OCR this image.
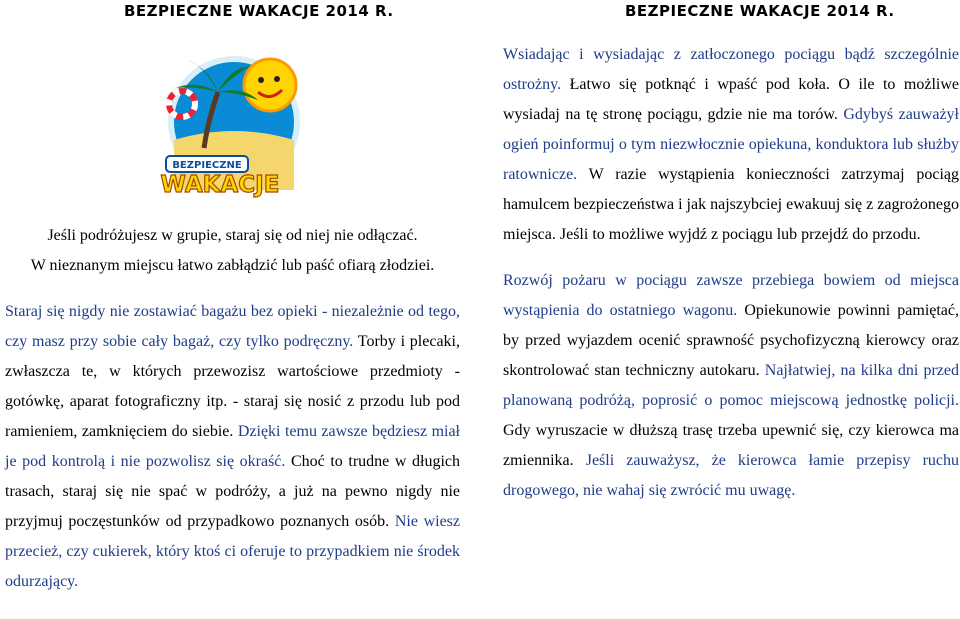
BEZPIECZNE WAKACJE 2014 R.	BEZPIECZNE WAKACJE 2014 R.
BEZPIECZNE
WAKACJE

Jeśli podróżujesz w grupie, staraj się od niej nie odłączać.
W nieznanym miejscu łatwo zabłądzić lub paść ofiarą złodziei.

Staraj się nigdy nie zostawiać bagażu bez opieki - niezależnie od tego, czy masz przy sobie cały bagaż, czy tylko podręczny. Torby i plecaki, zwłaszcza te, w których przewozisz wartościowe przedmioty - gotówkę, aparat fotograficzny itp. - staraj się nosić z przodu lub pod ramieniem, zamknięciem do siebie. Dzięki temu zawsze będziesz miał je pod kontrolą i nie pozwolisz się okraść. Choć to trudne w długich trasach, staraj się nie spać w podróży, a już na pewno nigdy nie przyjmuj poczęstunków od przypadkowo poznanych osób. Nie wiesz przecież, czy cukierek, który ktoś ci oferuje to przypadkiem nie środek odurzający.

Wsiadając i wysiadając z zatłoczonego pociągu bądź szczególnie ostrożny. Łatwo się potknąć i wpaść pod koła. O ile to możliwe wysiadaj na tę stronę pociągu, gdzie nie ma torów. Gdybyś zauważył ogień poinformuj o tym niezwłocznie opiekuna, konduktora lub służby ratownicze. W razie wystąpienia konieczności zatrzymaj pociąg hamulcem bezpieczeństwa i jak najszybciej ewakuuj się z zagrożonego miejsca. Jeśli to możliwe wyjdź z pociągu lub przejdź do przodu.

Rozwój pożaru w pociągu zawsze przebiega bowiem od miejsca wystąpienia do ostatniego wagonu. Opiekunowie powinni pamiętać, by przed wyjazdem ocenić sprawność psychofizyczną kierowcy oraz skontrolować stan techniczny autokaru. Najłatwiej, na kilka dni przed planowaną podróżą, poprosić o pomoc miejscową jednostkę policji. Gdy wyruszacie w dłuższą trasę trzeba upewnić się, czy kierowca ma zmiennika. Jeśli zauważysz, że kierowca łamie przepisy ruchu drogowego, nie wahaj się zwrócić mu uwagę.
